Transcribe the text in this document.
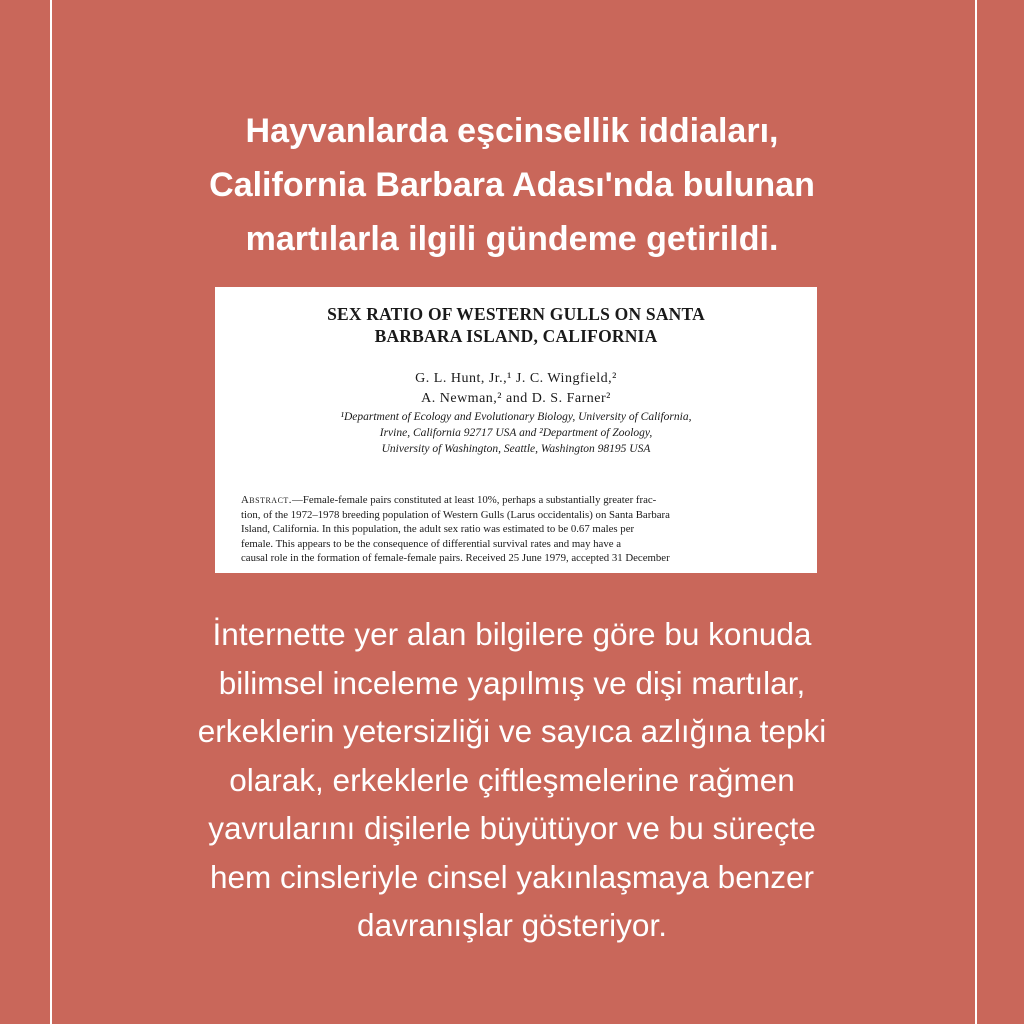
Hayvanlarda eşcinsellik iddiaları,
California Barbara Adası'nda bulunan
martılarla ilgili gündeme getirildi.
SEX RATIO OF WESTERN GULLS ON SANTA
BARBARA ISLAND, CALIFORNIA
G. L. Hunt, Jr.,¹ J. C. Wingfield,²
A. Newman,² and D. S. Farner²
¹Department of Ecology and Evolutionary Biology, University of California,
Irvine, California 92717 USA and ²Department of Zoology,
University of Washington, Seattle, Washington 98195 USA
Abstract.—Female-female pairs constituted at least 10%, perhaps a substantially greater frac-
tion, of the 1972–1978 breeding population of Western Gulls (Larus occidentalis) on Santa Barbara
Island, California. In this population, the adult sex ratio was estimated to be 0.67 males per
female. This appears to be the consequence of differential survival rates and may have a
causal role in the formation of female-female pairs. Received 25 June 1979, accepted 31 December

İnternette yer alan bilgilere göre bu konuda
bilimsel inceleme yapılmış ve dişi martılar,
erkeklerin yetersizliği ve sayıca azlığına tepki
olarak, erkeklerle çiftleşmelerine rağmen
yavrularını dişilerle büyütüyor ve bu süreçte
hem cinsleriyle cinsel yakınlaşmaya benzer
davranışlar gösteriyor.
